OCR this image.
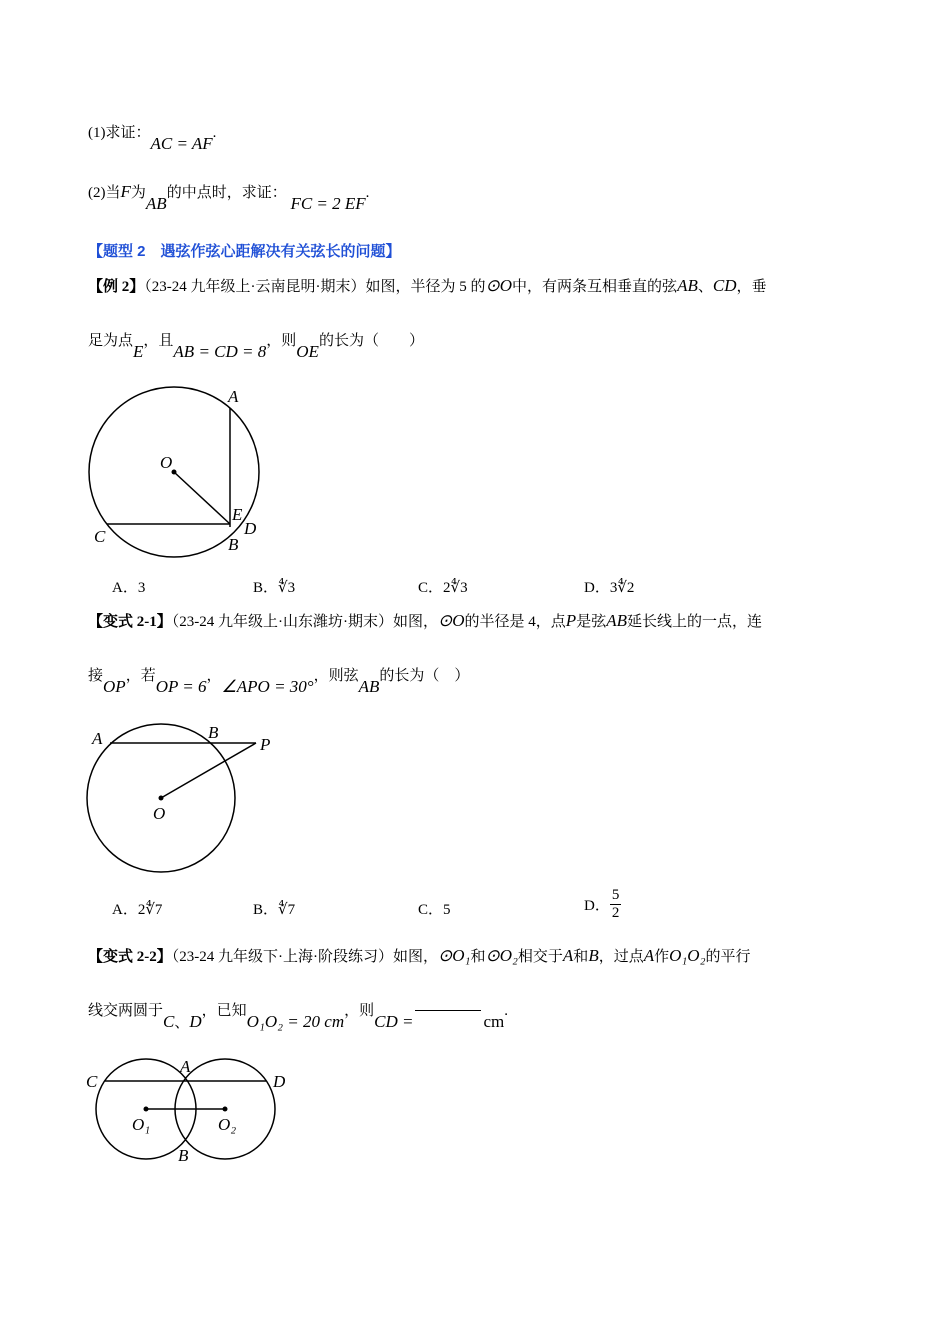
(1)求证：AC = AF.
(2)当F为AB的中点时，求证： FC = 2 EF.
【题型 2　遇弦作弦心距解决有关弦长的问题】
【例 2】（23-24 九年级上·云南昆明·期末）如图，半径为 5 的⊙O中，有两条互相垂直的弦AB、CD，垂
足为点E，且AB = CD = 8，则OE的长为（　　）
A
O
E
D
C	B
A．3	B．∜3	C．2∜3	D．3∜2
【变式 2-1】（23-24 九年级上·山东潍坊·期末）如图，⊙O的半径是 4，点P是弦AB延长线上的一点，连
接OP，若OP = 6，∠APO = 30°，则弦AB的长为（　）
A	B
P
O
A．2∜7	B．∜7	C．5	D． $\frac{5}{2}$
【变式 2-2】（23-24 九年级下·上海·阶段练习）如图，⊙O₁和⊙O₂相交于A和B，过点A作O₁O₂的平行
线交两圆于C、D，已知O₁O₂ = 20 cm，则CD =	cm.
C
A
D
O₁	O₂
B
